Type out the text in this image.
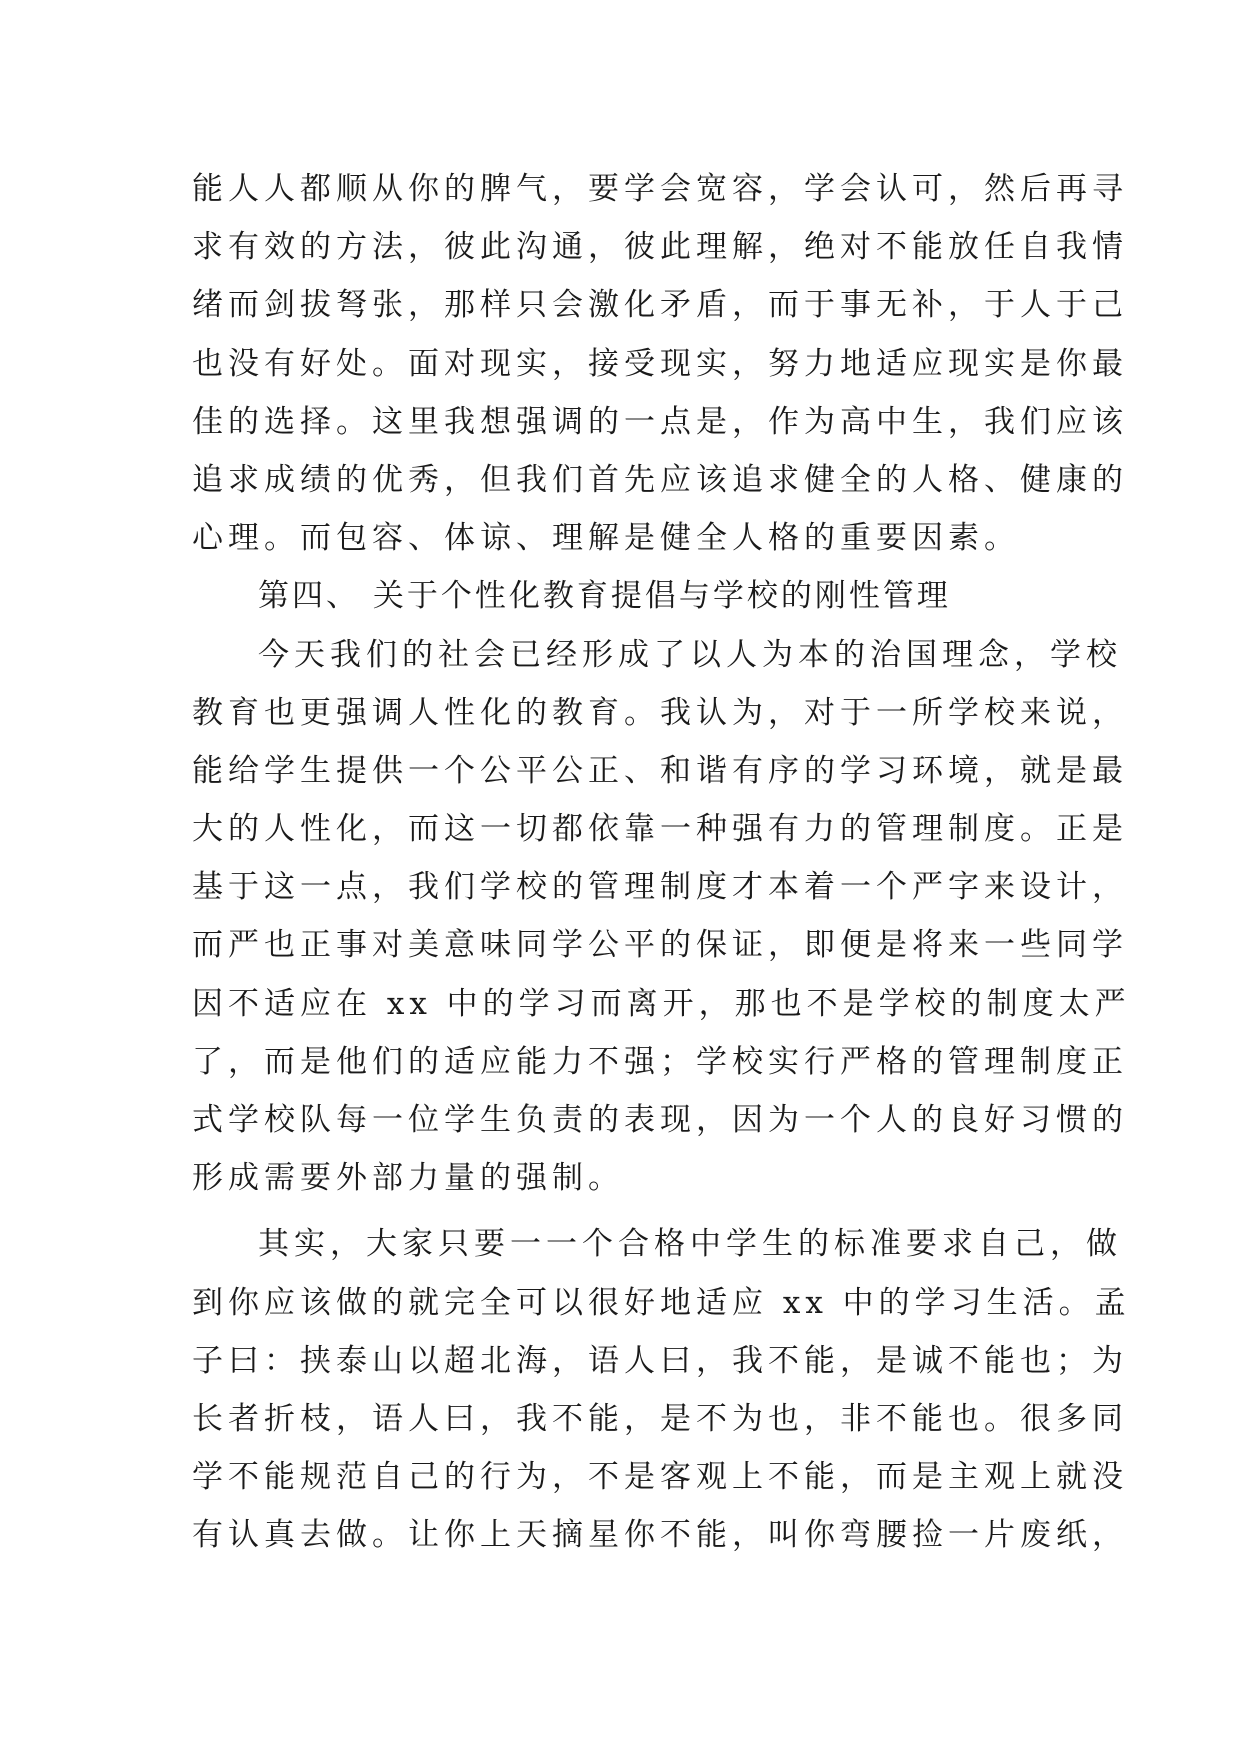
能人人都顺从你的脾气，要学会宽容，学会认可，然后再寻
求有效的方法，彼此沟通，彼此理解，绝对不能放任自我情
绪而剑拔弩张，那样只会激化矛盾，而于事无补，于人于己
也没有好处。面对现实，接受现实，努力地适应现实是你最
佳的选择。这里我想强调的一点是，作为高中生，我们应该
追求成绩的优秀，但我们首先应该追求健全的人格、健康的
心理。而包容、体谅、理解是健全人格的重要因素。
第四、 关于个性化教育提倡与学校的刚性管理
今天我们的社会已经形成了以人为本的治国理念，学校
教育也更强调人性化的教育。我认为，对于一所学校来说，
能给学生提供一个公平公正、和谐有序的学习环境，就是最
大的人性化，而这一切都依靠一种强有力的管理制度。正是
基于这一点，我们学校的管理制度才本着一个严字来设计，
而严也正事对美意味同学公平的保证，即便是将来一些同学
因不适应在 xx 中的学习而离开，那也不是学校的制度太严
了，而是他们的适应能力不强；学校实行严格的管理制度正
式学校队每一位学生负责的表现，因为一个人的良好习惯的
形成需要外部力量的强制。
其实，大家只要一一个合格中学生的标准要求自己，做
到你应该做的就完全可以很好地适应 xx 中的学习生活。孟
子曰：挟泰山以超北海，语人曰，我不能，是诚不能也；为
长者折枝，语人曰，我不能，是不为也，非不能也。很多同
学不能规范自己的行为，不是客观上不能，而是主观上就没
有认真去做。让你上天摘星你不能，叫你弯腰捡一片废纸，
